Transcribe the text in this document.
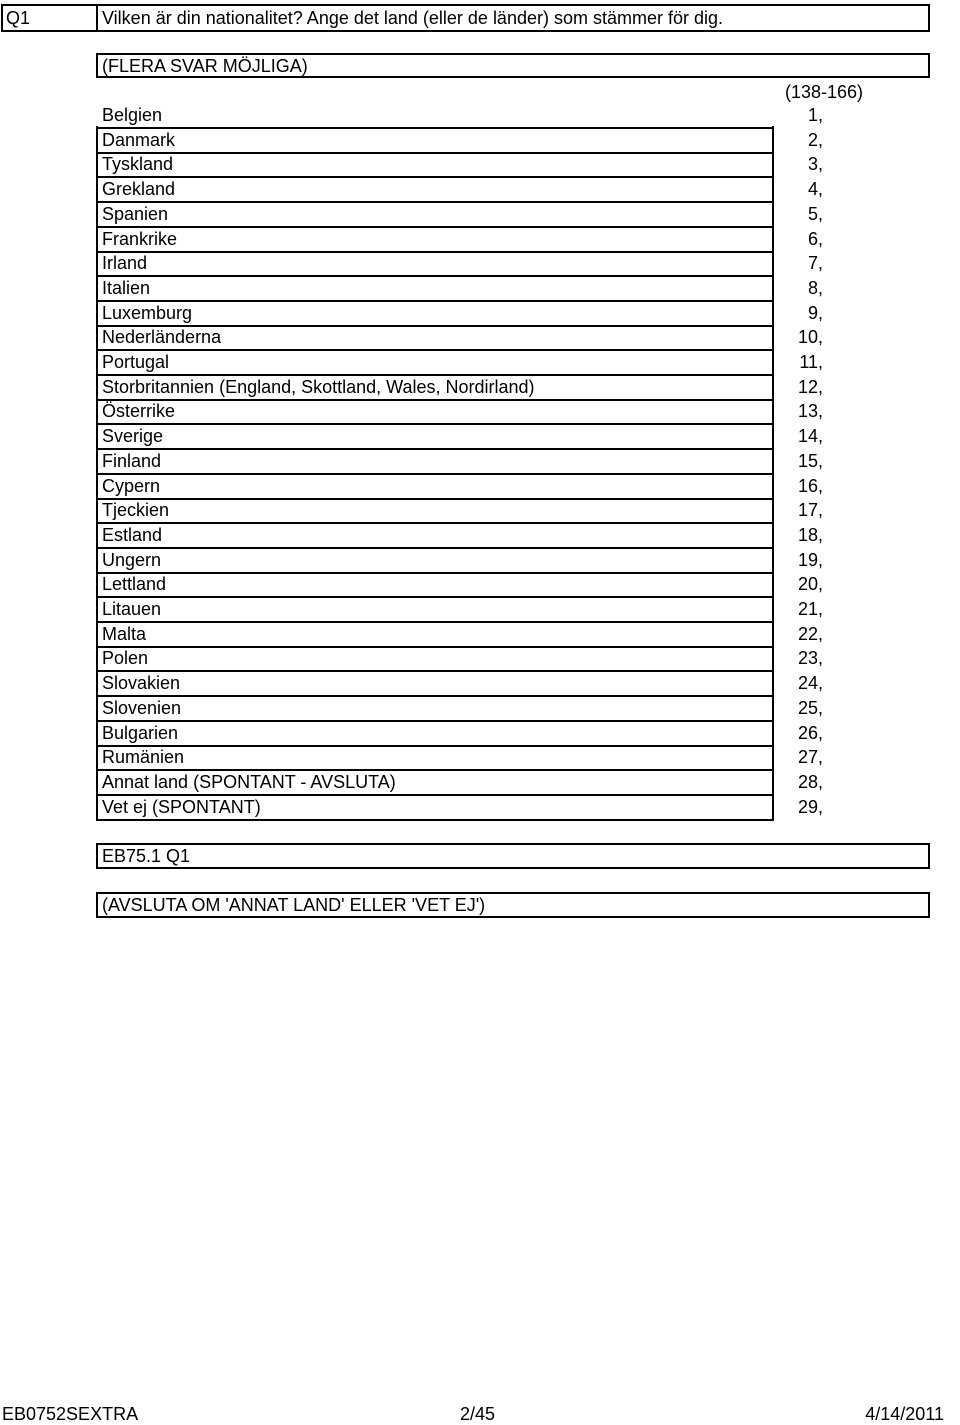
Q1	Vilken är din nationalitet? Ange det land (eller de länder) som stämmer för dig.
(FLERA SVAR MÖJLIGA)
(138-166)
Belgien	1,
Danmark	2,
Tyskland	3,
Grekland	4,
Spanien	5,
Frankrike	6,
Irland	7,
Italien	8,
Luxemburg	9,
Nederländerna	10,
Portugal	11,
Storbritannien (England, Skottland, Wales, Nordirland)	12,
Österrike	13,
Sverige	14,
Finland	15,
Cypern	16,
Tjeckien	17,
Estland	18,
Ungern	19,
Lettland	20,
Litauen	21,
Malta	22,
Polen	23,
Slovakien	24,
Slovenien	25,
Bulgarien	26,
Rumänien	27,
Annat land (SPONTANT - AVSLUTA)	28,
Vet ej (SPONTANT)	29,
EB75.1 Q1
(AVSLUTA OM 'ANNAT LAND' ELLER 'VET EJ')
EB0752SEXTRA	2/45	4/14/2011
